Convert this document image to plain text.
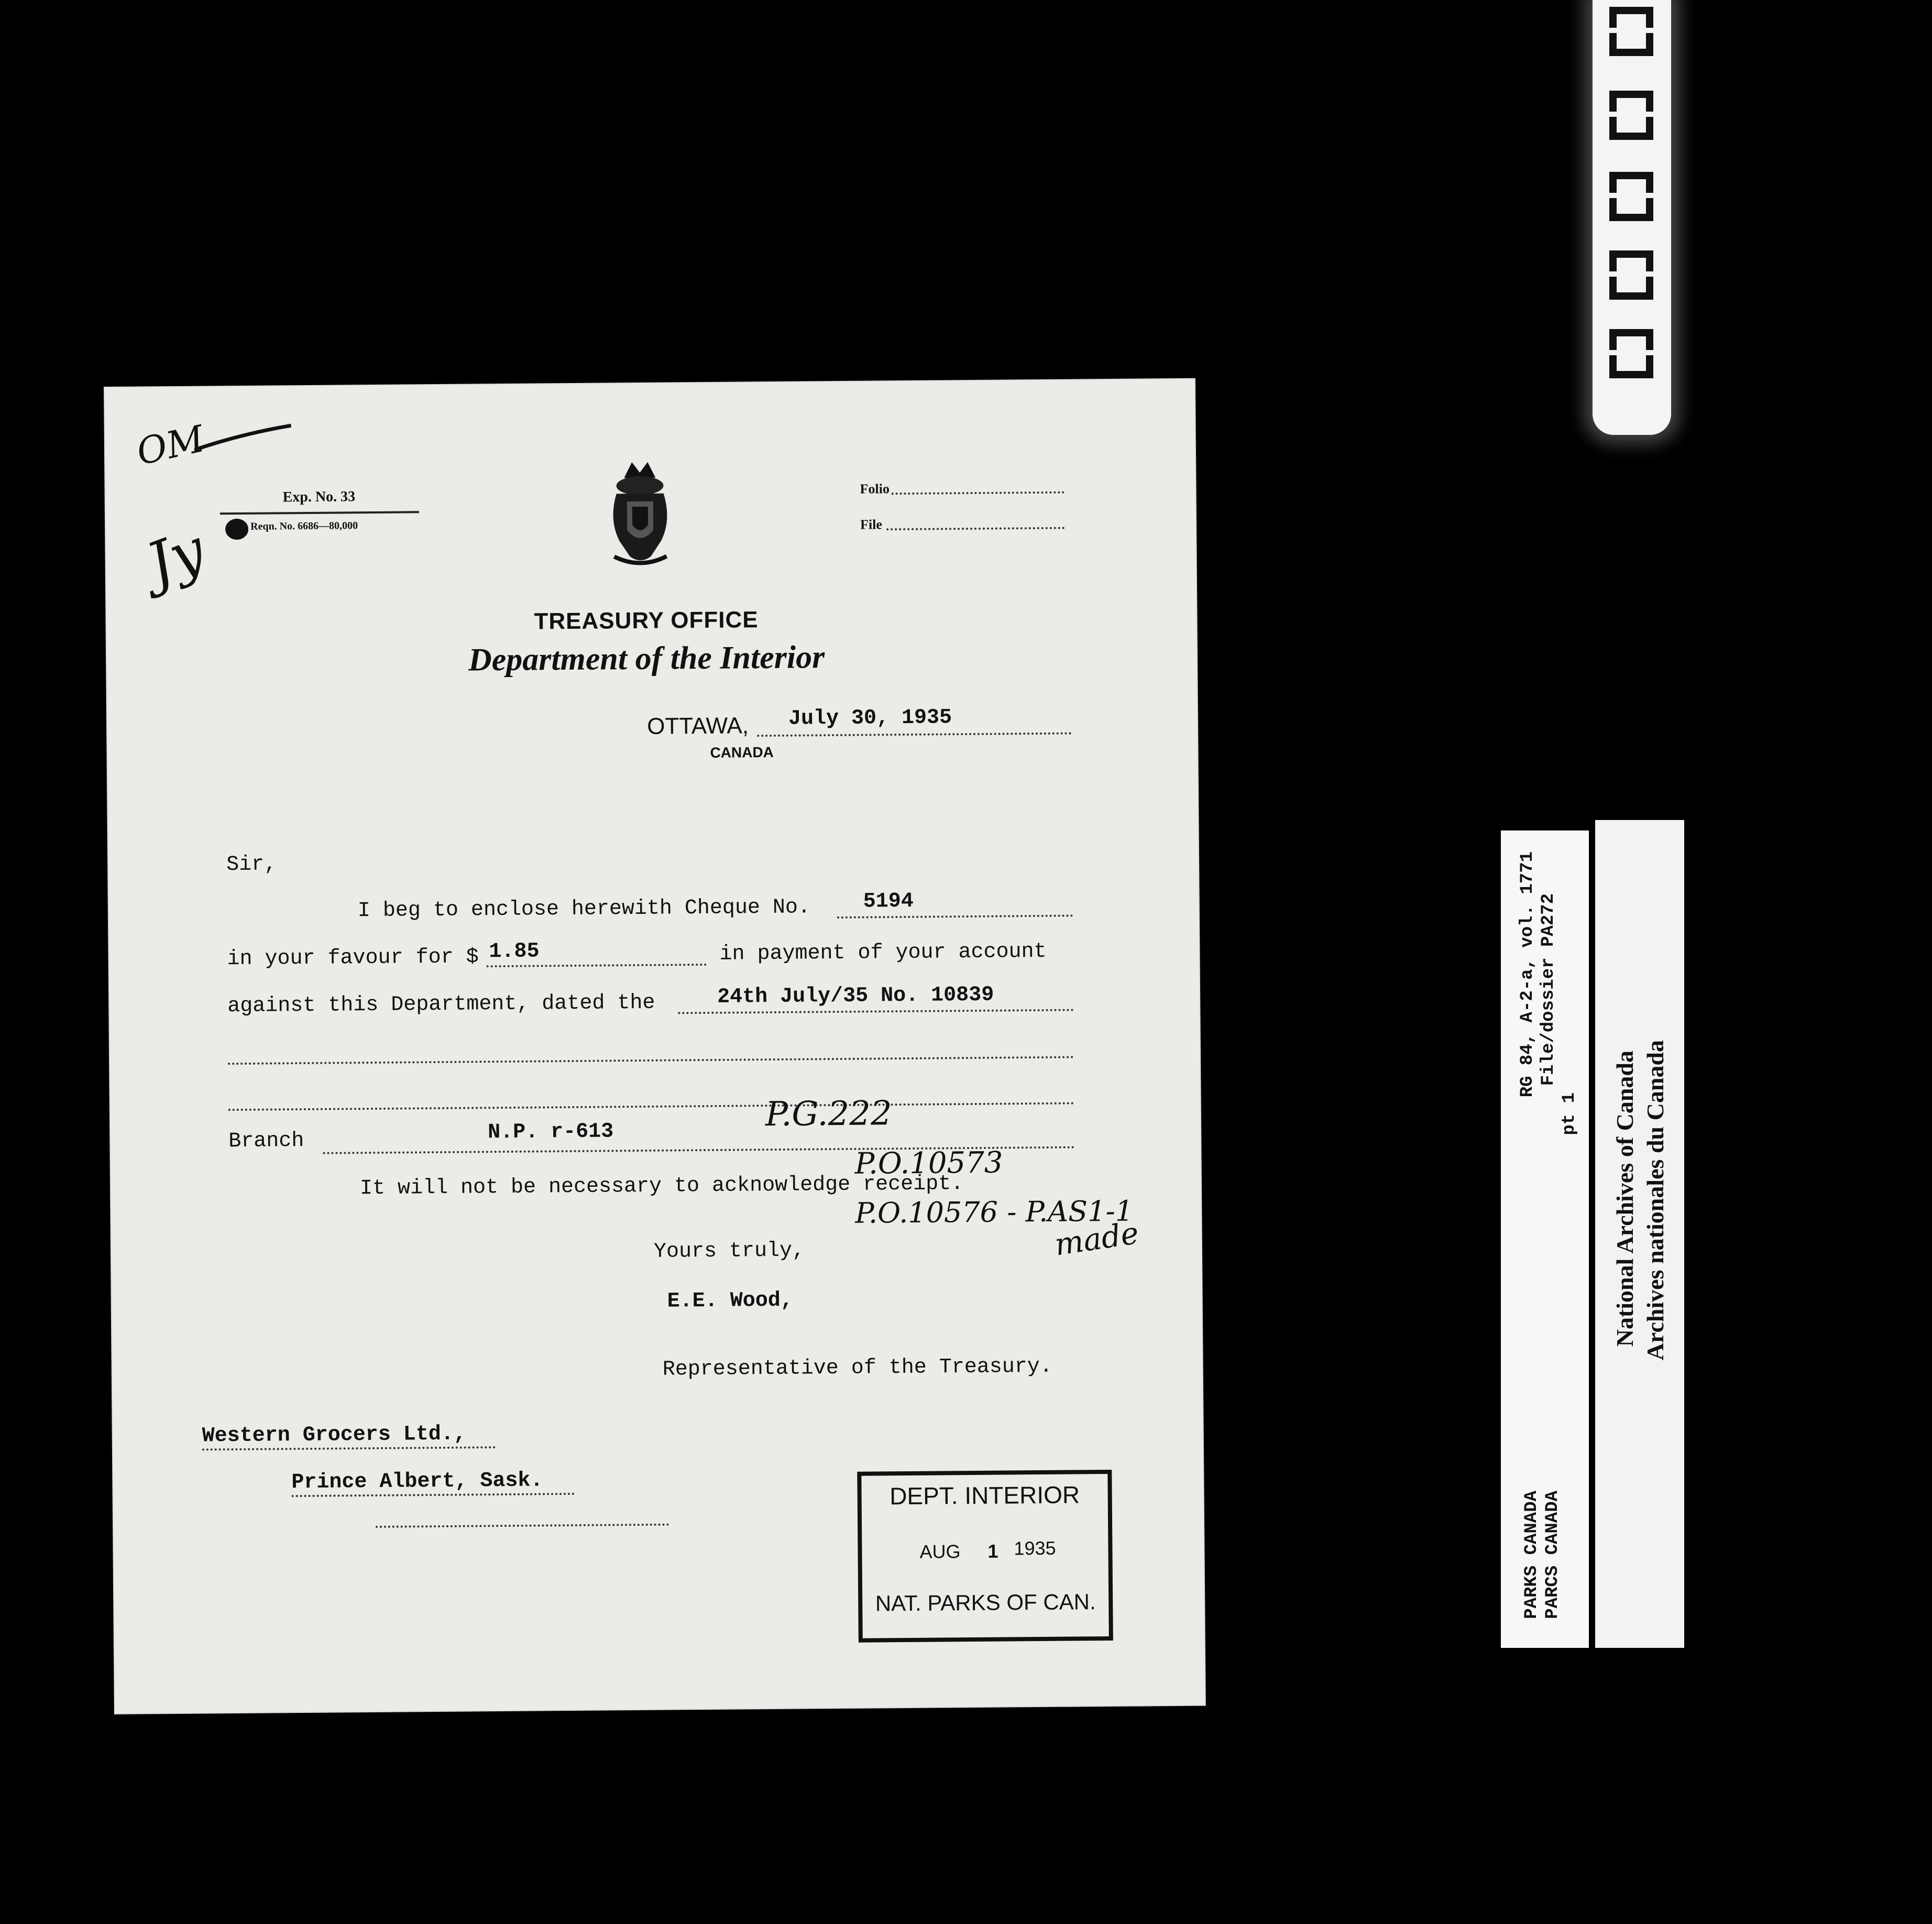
Exp. No. 33
Reqn. No. 6686—80,000
Folio
File
TREASURY OFFICE
Department of the Interior
OTTAWA,
CANADA
July 30, 1935
Sir,
I beg to enclose herewith Cheque No.	5194
in your favour for $ 1.85	in payment of your account
against this Department, dated the	24th July/35 No. 10839
Branch	N.P. r-613
It will not be necessary to acknowledge receipt.
Yours truly,
E.E. Wood,
Representative of the Treasury.
Western Grocers Ltd.,
Prince Albert, Sask.	DEPT. INTERIOR
AUG 1 1935
NAT. PARKS OF CAN.
OM
Jy
P.G.222
P.O.10573
P.O.10576 - P.AS1-1
made
RG 84, A-2-a, vol. 1771 File/dossier PA272
pt 1
PARKS CANADA PARCS CANADA
National Archives of Canada Archives nationales du Canada
